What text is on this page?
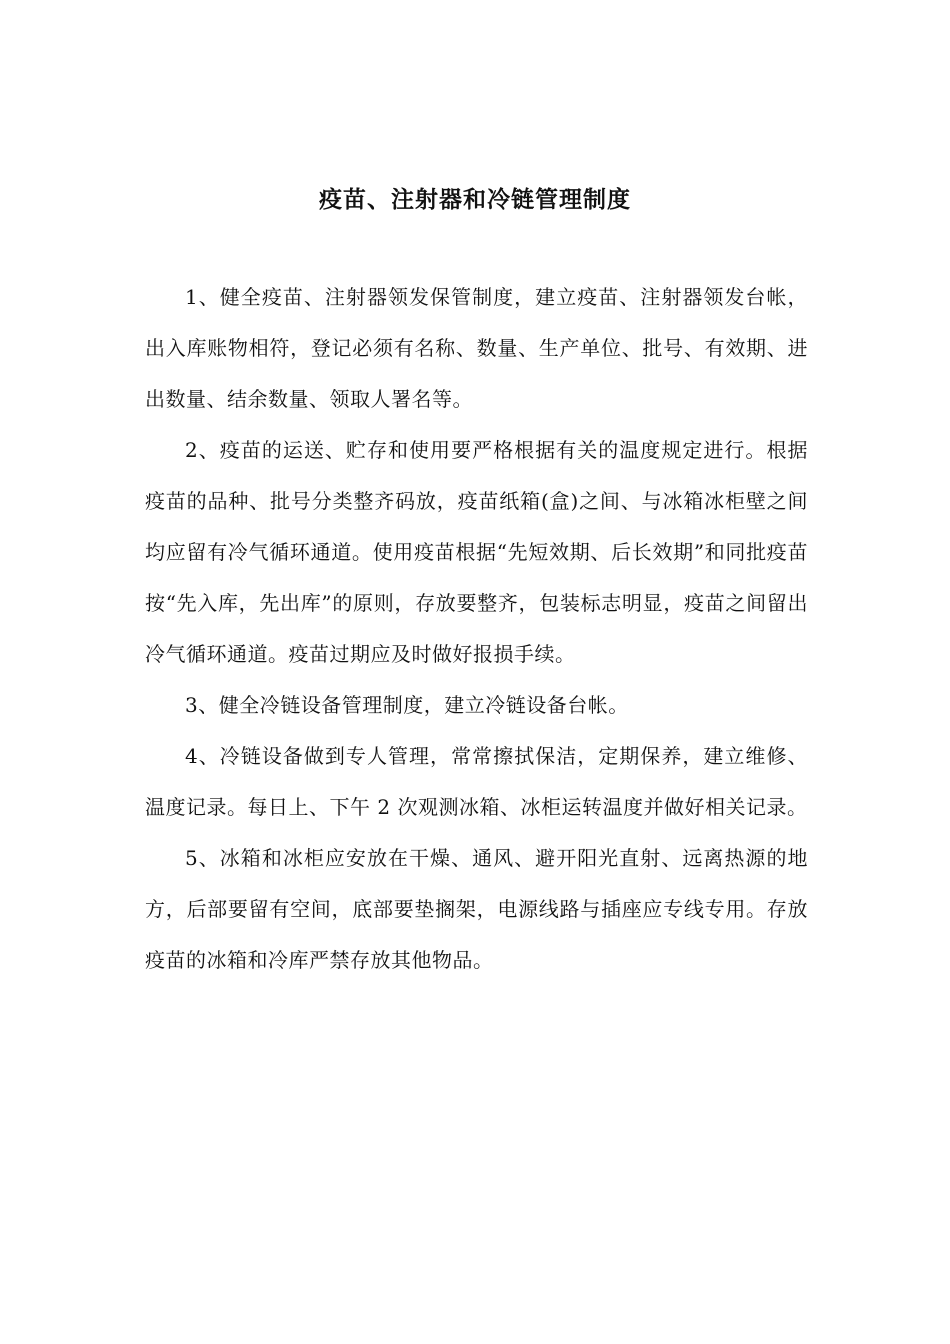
疫苗、注射器和冷链管理制度

1、健全疫苗、注射器领发保管制度，建立疫苗、注射器领发台帐，出入库账物相符，登记必须有名称、数量、生产单位、批号、有效期、进出数量、结余数量、领取人署名等。

2、疫苗的运送、贮存和使用要严格根据有关的温度规定进行。根据疫苗的品种、批号分类整齐码放，疫苗纸箱(盒)之间、与冰箱冰柜壁之间均应留有冷气循环通道。使用疫苗根据“先短效期、后长效期”和同批疫苗按“先入库，先出库”的原则，存放要整齐，包装标志明显，疫苗之间留出冷气循环通道。疫苗过期应及时做好报损手续。

3、健全冷链设备管理制度，建立冷链设备台帐。

4、冷链设备做到专人管理，常常擦拭保洁，定期保养，建立维修、温度记录。每日上、下午 2 次观测冰箱、冰柜运转温度并做好相关记录。

5、冰箱和冰柜应安放在干燥、通风、避开阳光直射、远离热源的地方，后部要留有空间，底部要垫搁架，电源线路与插座应专线专用。存放疫苗的冰箱和冷库严禁存放其他物品。
